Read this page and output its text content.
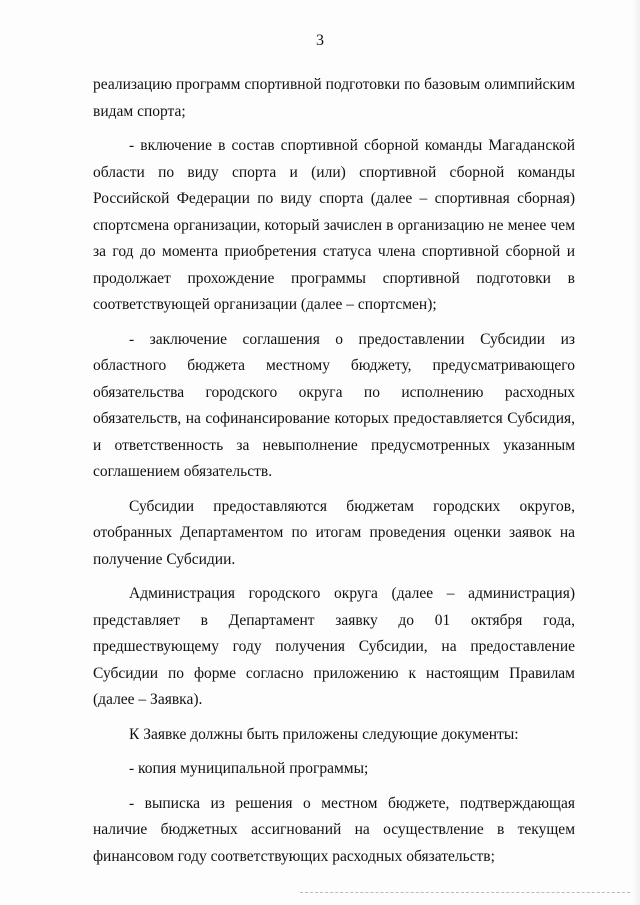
3

реализацию программ спортивной подготовки по базовым олимпийским видам спорта;

- включение в состав спортивной сборной команды Магаданской области по виду спорта и (или) спортивной сборной команды Российской Федерации по виду спорта (далее – спортивная сборная) спортсмена организации, который зачислен в организацию не менее чем за год до момента приобретения статуса члена спортивной сборной и продолжает прохождение программы спортивной подготовки в соответствующей организации (далее – спортсмен);

- заключение соглашения о предоставлении Субсидии из областного бюджета местному бюджету, предусматривающего обязательства городского округа по исполнению расходных обязательств, на софинансирование которых предоставляется Субсидия, и ответственность за невыполнение предусмотренных указанным соглашением обязательств.

Субсидии предоставляются бюджетам городских округов, отобранных Департаментом по итогам проведения оценки заявок на получение Субсидии.

Администрация городского округа (далее – администрация) представляет в Департамент заявку до 01 октября года, предшествующему году получения Субсидии, на предоставление Субсидии по форме согласно приложению к настоящим Правилам (далее – Заявка).

К Заявке должны быть приложены следующие документы:

- копия муниципальной программы;

- выписка из решения о местном бюджете, подтверждающая наличие бюджетных ассигнований на осуществление в текущем финансовом году соответствующих расходных обязательств;
